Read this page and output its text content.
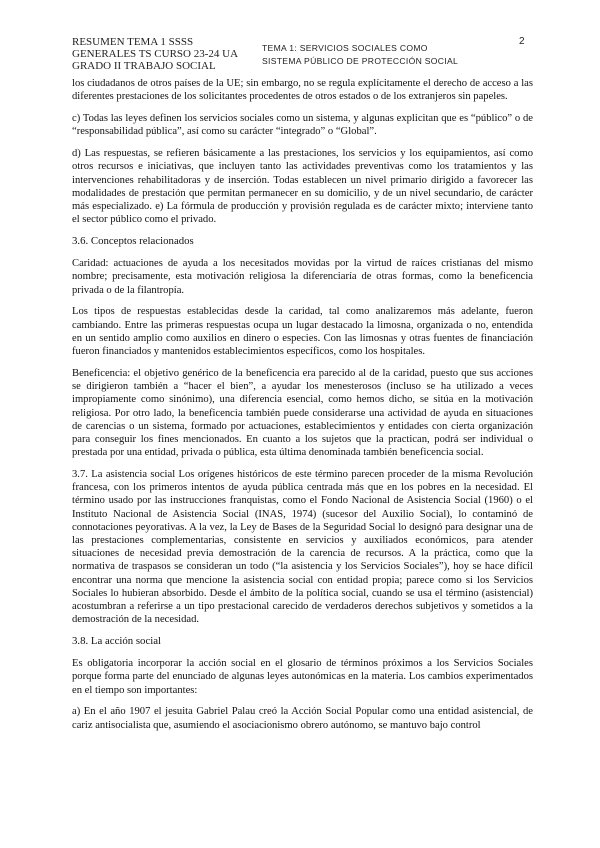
RESUMEN TEMA 1 SSSS
GENERALES TS CURSO 23-24 UA
GRADO II TRABAJO SOCIAL
TEMA 1: SERVICIOS SOCIALES COMO
SISTEMA PÚBLICO DE PROTECCIÓN SOCIAL
2

los ciudadanos de otros países de la UE; sin embargo, no se regula explícitamente el derecho de acceso a las diferentes prestaciones de los solicitantes procedentes de otros estados o de los extranjeros sin papeles.

c) Todas las leyes definen los servicios sociales como un sistema, y algunas explicitan que es “público” o de “responsabilidad pública”, así como su carácter “integrado” o “Global”.

d) Las respuestas, se refieren básicamente a las prestaciones, los servicios y los equipamientos, así como otros recursos e iniciativas, que incluyen tanto las actividades preventivas como los tratamientos y las intervenciones rehabilitadoras y de inserción. Todas establecen un nivel primario dirigido a favorecer las modalidades de prestación que permitan permanecer en su domicilio, y de un nivel secundario, de carácter más especializado. e) La fórmula de producción y provisión regulada es de carácter mixto; interviene tanto el sector público como el privado.

3.6. Conceptos relacionados

Caridad: actuaciones de ayuda a los necesitados movidas por la virtud de raíces cristianas del mismo nombre; precisamente, esta motivación religiosa la diferenciaría de otras formas, como la beneficencia privada o de la filantropía.

Los tipos de respuestas establecidas desde la caridad, tal como analizaremos más adelante, fueron cambiando. Entre las primeras respuestas ocupa un lugar destacado la limosna, organizada o no, entendida en un sentido amplio como auxilios en dinero o especies. Con las limosnas y otras fuentes de financiación fueron financiados y mantenidos establecimientos específicos, como los hospitales.

Beneficencia: el objetivo genérico de la beneficencia era parecido al de la caridad, puesto que sus acciones se dirigieron también a “hacer el bien”, a ayudar los menesterosos (incluso se ha utilizado a veces impropiamente como sinónimo), una diferencia esencial, como hemos dicho, se sitúa en la motivación religiosa. Por otro lado, la beneficencia también puede considerarse una actividad de ayuda en situaciones de carencias o un sistema, formado por actuaciones, establecimientos y entidades con cierta organización para conseguir los fines mencionados. En cuanto a los sujetos que la practican, podrá ser individual o prestada por una entidad, privada o pública, esta última denominada también beneficencia social.

3.7. La asistencia social Los orígenes históricos de este término parecen proceder de la misma Revolución francesa, con los primeros intentos de ayuda pública centrada más que en los pobres en la necesidad. El término usado por las instrucciones franquistas, como el Fondo Nacional de Asistencia Social (1960) o el Instituto Nacional de Asistencia Social (INAS, 1974) (sucesor del Auxilio Social), lo contaminó de connotaciones peyorativas. A la vez, la Ley de Bases de la Seguridad Social lo designó para designar una de las prestaciones complementarias, consistente en servicios y auxiliados económicos, para atender situaciones de necesidad previa demostración de la carencia de recursos. A la práctica, como que la normativa de traspasos se consideran un todo (“la asistencia y los Servicios Sociales”), hoy se hace difícil encontrar una norma que mencione la asistencia social con entidad propia; parece como si los Servicios Sociales lo hubieran absorbido. Desde el ámbito de la política social, cuando se usa el término (asistencial) acostumbran a referirse a un tipo prestacional carecido de verdaderos derechos subjetivos y sometidos a la demostración de la necesidad.

3.8. La acción social

Es obligatoria incorporar la acción social en el glosario de términos próximos a los Servicios Sociales porque forma parte del enunciado de algunas leyes autonómicas en la materia. Los cambios experimentados en el tiempo son importantes:

a) En el año 1907 el jesuita Gabriel Palau creó la Acción Social Popular como una entidad asistencial, de cariz antisocialista que, asumiendo el asociacionismo obrero autónomo, se mantuvo bajo control
